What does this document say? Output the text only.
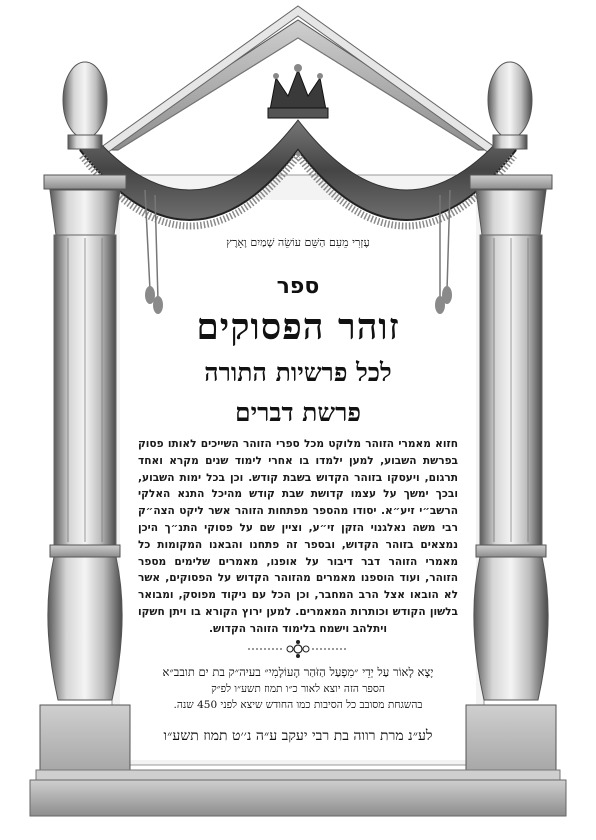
עֶזְרִי מֵעִם הַשֵּׁם עוֹשֵׂה שָׁמַיִם וָאָרֶץ
ספר
זוהר הפסוקים
לכל פרשיות התורה
פרשת דברים
חזוא מאמרי הזוהר מלוקט מכל ספרי הזוהר השייכים לאותו פסוק בפרשת השבוע, למען ילמדו בו אחרי לימוד שנים מקרא ואחד תרגום, ויעסקו בזוהר הקדוש בשבת קודש. וכן בכל ימות השבוע, ובכך ימשך על עצמו קדושת שבת קודש מהיכל התנא האלקי הרשב״י זיע״א. יסודו מהספר מפתחות הזוהר אשר ליקט הצה״ק רבי משה נאלגנוי הזקן זי״ע, וציין שם על פסוקי התנ״ך היכן נמצאים בזוהר הקדוש, ובספר זה פתחנו והבאנו המקומות כל מאמרי הזוהר דבר דיבור על אופנו, מאמרים שלימים מספר הזוהר, ועוד הוספנו מאמרים מהזוהר הקדוש על הפסוקים, אשר לא הובאו אצל הרב המחבר, וכן הכל עם ניקוד מפוסק, ומבואר בלשון הקודש וכותרות המאמרים. למען ירוץ הקורא בו ויתן חשקו ויתלהב וישמח בלימוד הזוהר הקדוש.
יָצָא לָאוֹר עַל יְדֵי ״מִפְעַל הַזֹּהַר הָעוֹלָמִי״ בעיה״ק בת ים תובב״א
הספר הזה יוצא לאור כ״ו תמוז תשע״ו לפ״ק
בהשגחת מסובב כל הסיבות כמו החודש שיצא לפני 450 שנה.
לע״נ מרת רווה בת רבי יעקב ע״ה נ׳׳ט תמוז תשע״ו
